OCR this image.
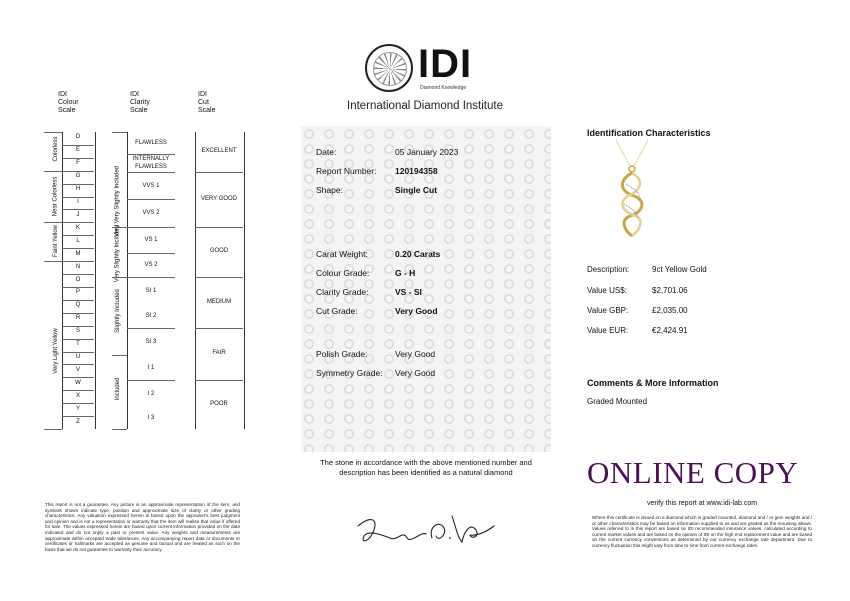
IDI
Diamond Knowledge
International Diamond Institute
IDI
Colour
Scale
IDI
Clarity
Scale
IDI
Cut
Scale
Colorless
Near Colorless
Faint Yellow
Very Light Yellow
Very Very Slightly Included
Very Slightly Included
Slightly Included
Included
Date:	05 January 2023
Report Number: 120194358
Shape:	Single Cut
Carat Weight:	0.20 Carats
Colour Grade:	G - H
Clarity Grade:	VS - SI
Cut Grade:	Very Good
Polish Grade:	Very Good
Symmetry Grade: Very Good
The stone in accordance with the above mentioned number and description has been identified as a natural diamond
Identification Characteristics
Description:	9ct Yellow Gold
Value US$:	$2,701.06
Value GBP:	£2,035.00
Value EUR:	€2,424.91
Comments & More Information
Graded Mounted
ONLINE COPY
verify this report at www.idi-lab.com
This report is not a guarantee. Any picture is an approximate representation of the item, and symbols shown indicate type, position and approximate size of clarity or other grading characteristics. Any valuation expressed herein is based upon the appraiser's best judgment and opinion and is not a representation or warranty that the item will realise that value if offered for sale. The values expressed herein are based upon current information provided on the date indicated and do not imply a past or present value. Any weights and measurements are approximate within accepted trade tolerances. Any accompanying report data or documents or certificates or hallmarks are accepted as genuine and factual and are treated as such on the basis that we do not guarantee to warranty their accuracy.
Where this certificate is issued on a diamond which is graded mounted, diamond and / or gem weights and / or other characteristics may be based on information supplied to us and are graded as the mounting allows. Values referred to in this report are based on IDI recommended insurance values, calculated according to current market values and are based on the opinion of IDI on the high end replacement value and are based on the current currency conversions as determined by our currency exchange rate department. Due to currency fluctuation this might vary from time to time from current exchange rates.
D
E
F
G
H
I
J
K
L
M
N
O
P
Q
R
S
T
U
V
W
X
Y
Z
FLAWLESS
INTERNALLY FLAWLESS
VVS 1
VVS 2
VS 1
VS 2
SI 1
SI 2
SI 3
I 1
I 2
I 3
EXCELLENT
VERY GOOD
GOOD
MEDIUM
FAIR
POOR
